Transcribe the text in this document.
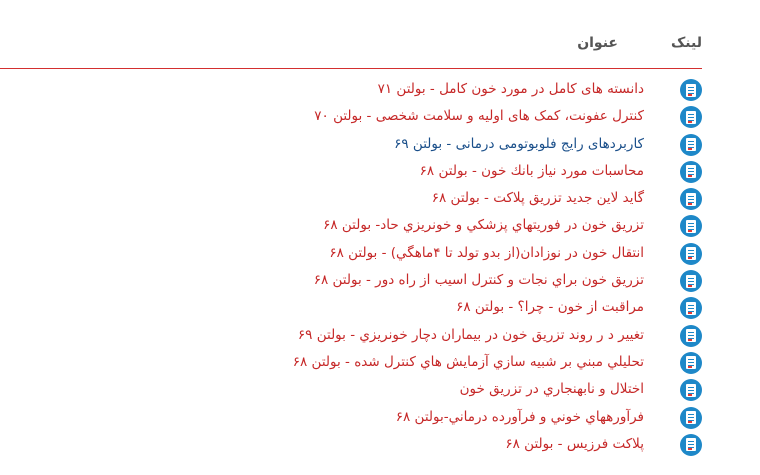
لینک
عنوان
دانسته های کامل در مورد خون کامل - بولتن ۷۱
کنترل عفونت، کمک های اولیه و سلامت شخصی - بولتن ۷۰
کاربردهای رایج فلوبوتومی درمانی - بولتن ۶۹
محاسبات مورد نیاز بانك خون - بولتن ۶۸
گاید لاین جدید تزریق پلاکت - بولتن ۶۸
تزريق خون در فوريتهاي پزشكي و خونريزي حاد- بولتن ۶۸
انتقال خون در نوزادان(از بدو تولد تا ۴ماهگي) - بولتن ۶۸
تزريق خون براي نجات و كنترل اسيب از راه دور - بولتن ۶۸
مراقبت از خون - چرا؟ - بولتن ۶۸
تغيير د ر روند تزريق خون در بيماران دچار خونريزي - بولتن ۶۹
تحليلي مبني بر شبيه سازي آزمايش هاي كنترل شده - بولتن ۶۸
اختلال و نابهنجاري در تزريق خون
فرآورههاي خوني و فرآورده درماني-بولتن ۶۸
پلاكت فرزيس - بولتن ۶۸
